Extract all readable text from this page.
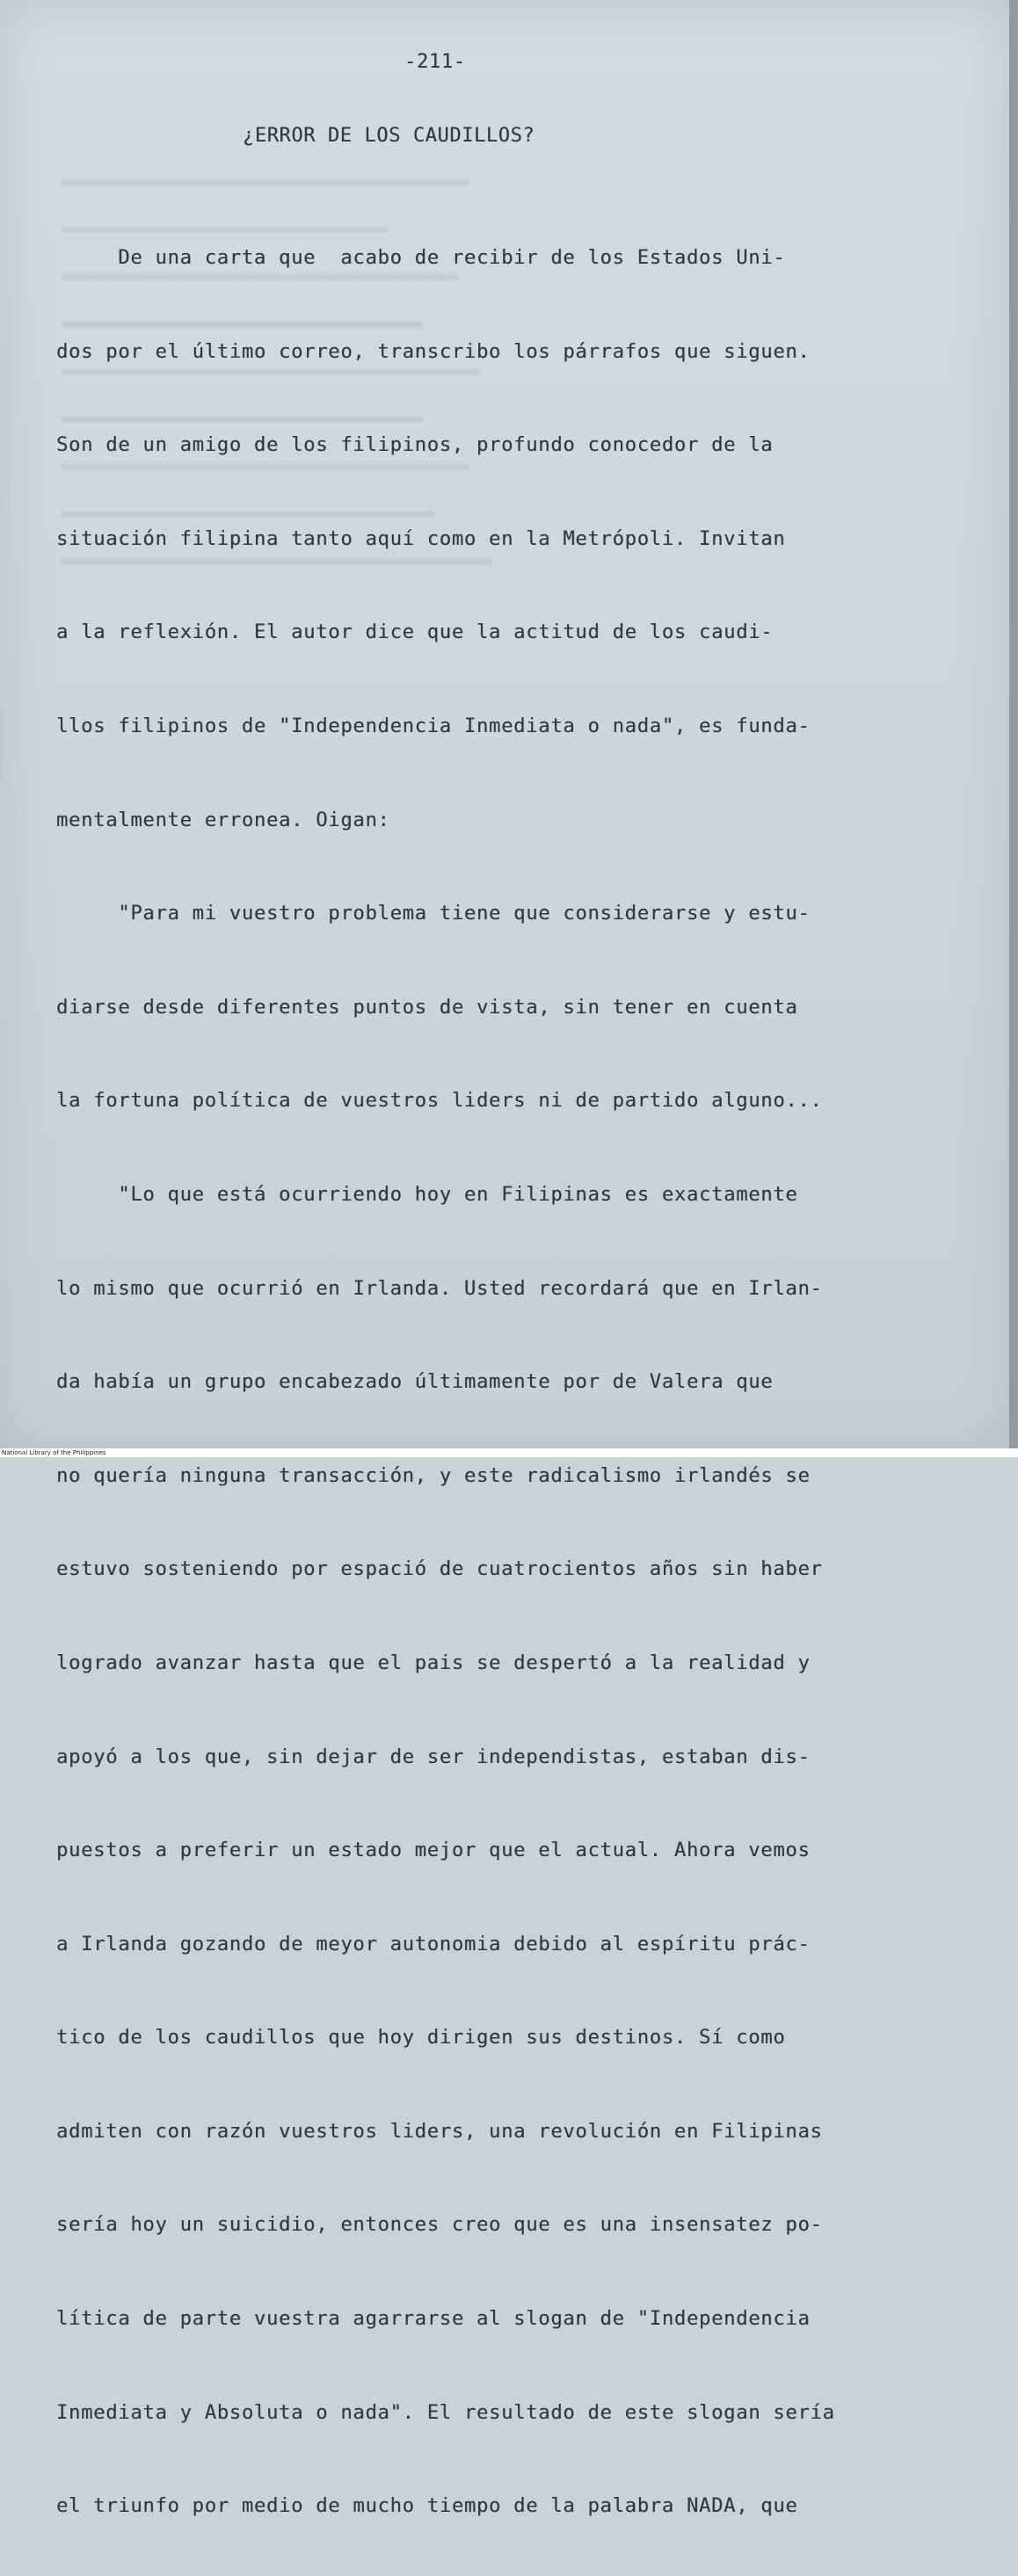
▬▬▬▬▬▬▬▬▬▬▬▬▬▬▬▬▬▬▬▬▬▬▬▬▬▬▬▬▬▬▬▬▬▬▬
▬▬▬▬▬▬▬▬▬▬▬▬▬▬▬▬▬▬▬▬▬▬▬▬▬▬▬▬
▬▬▬▬▬▬▬▬▬▬▬▬▬▬▬▬▬▬▬▬▬▬▬▬▬▬▬▬▬▬▬▬▬▬
▬▬▬▬▬▬▬▬▬▬▬▬▬▬▬▬▬▬▬▬▬▬▬▬▬▬▬▬▬▬▬
▬▬▬▬▬▬▬▬▬▬▬▬▬▬▬▬▬▬▬▬▬▬▬▬▬▬▬▬▬▬▬▬▬▬▬▬
▬▬▬▬▬▬▬▬▬▬▬▬▬▬▬▬▬▬▬▬▬▬▬▬▬▬▬▬▬▬▬
▬▬▬▬▬▬▬▬▬▬▬▬▬▬▬▬▬▬▬▬▬▬▬▬▬▬▬▬▬▬▬▬▬▬▬
▬▬▬▬▬▬▬▬▬▬▬▬▬▬▬▬▬▬▬▬▬▬▬▬▬▬▬▬▬▬▬▬
▬▬▬▬▬▬▬▬▬▬▬▬▬▬▬▬▬▬▬▬▬▬▬▬▬▬▬▬▬▬▬▬▬▬▬▬▬
-211-
¿ERROR DE LOS CAUDILLOS?

De una carta que  acabo de recibir de los Estados Uni-

dos por el último correo, transcribo los párrafos que siguen.

Son de un amigo de los filipinos, profundo conocedor de la

situación filipina tanto aquí como en la Metrópoli. Invitan

a la reflexión. El autor dice que la actitud de los caudi-

llos filipinos de "Independencia Inmediata o nada", es funda-

mentalmente erronea. Oigan:

"Para mi vuestro problema tiene que considerarse y estu-

diarse desde diferentes puntos de vista, sin tener en cuenta

la fortuna política de vuestros liders ni de partido alguno...

"Lo que está ocurriendo hoy en Filipinas es exactamente

lo mismo que ocurrió en Irlanda. Usted recordará que en Irlan-

da había un grupo encabezado últimamente por de Valera que

no quería ninguna transacción, y este radicalismo irlandés se

estuvo sosteniendo por espació de cuatrocientos años sin haber

logrado avanzar hasta que el pais se despertó a la realidad y

apoyó a los que, sin dejar de ser independistas, estaban dis-

puestos a preferir un estado mejor que el actual. Ahora vemos

a Irlanda gozando de meyor autonomia debido al espíritu prác-

tico de los caudillos que hoy dirigen sus destinos. Sí como

admiten con razón vuestros liders, una revolución en Filipinas

sería hoy un suicidio, entonces creo que es una insensatez po-

lítica de parte vuestra agarrarse al slogan de "Independencia

Inmediata y Absoluta o nada". El resultado de este slogan sería

el triunfo por medio de mucho tiempo de la palabra NADA, que

National Library of the Philippines
